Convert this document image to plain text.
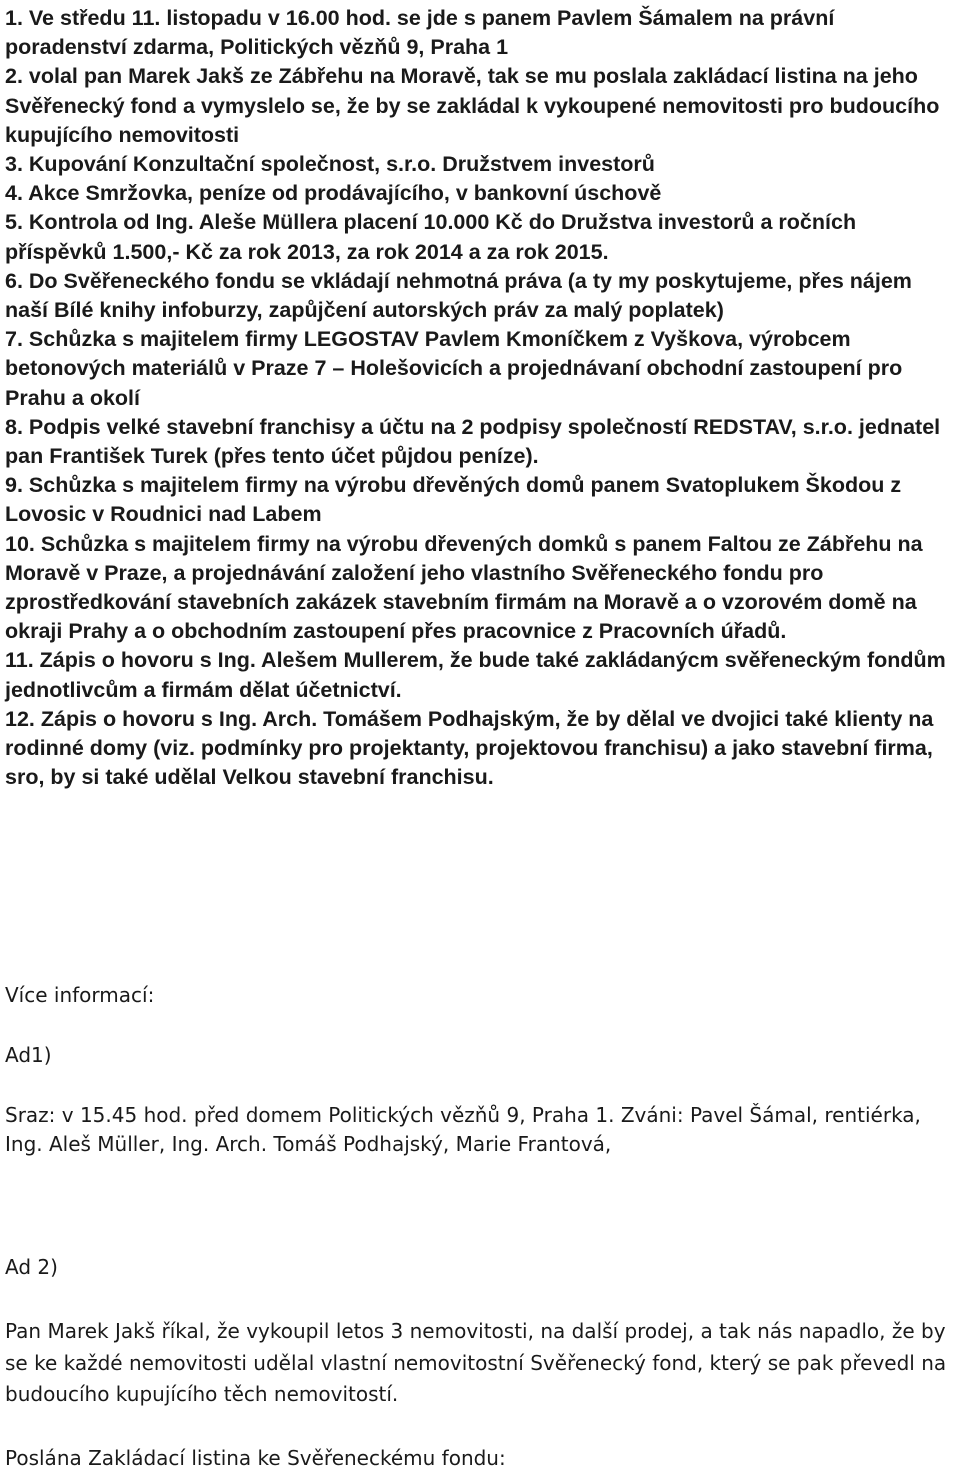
1. Ve středu 11. listopadu v 16.00 hod. se jde s panem Pavlem Šámalem na právní poradenství zdarma, Politických vězňů 9, Praha 1

2. volal pan Marek Jakš ze Zábřehu na Moravě, tak se mu poslala zakládací listina na jeho Svěřenecký fond a vymyslelo se, že by se zakládal k vykoupené nemovitosti pro budoucího kupujícího nemovitosti

3. Kupování Konzultační společnost, s.r.o. Družstvem investorů

4. Akce Smržovka, peníze od prodávajícího, v bankovní úschově

5. Kontrola od Ing. Aleše Müllera placení 10.000 Kč do Družstva investorů a ročních příspěvků 1.500,- Kč za rok 2013, za rok 2014 a za rok 2015.

6. Do Svěřeneckého fondu se vkládají nehmotná práva (a ty my poskytujeme, přes nájem naší Bílé knihy infoburzy, zapůjčení autorských práv za malý poplatek)

7. Schůzka s majitelem firmy LEGOSTAV Pavlem Kmoníčkem z Vyškova, výrobcem betonových materiálů v Praze 7 – Holešovicích a projednávaní obchodní zastoupení pro Prahu a okolí

8. Podpis velké stavební franchisy a účtu na 2 podpisy společností REDSTAV, s.r.o. jednatel pan František Turek (přes tento účet půjdou peníze).

9. Schůzka s majitelem firmy na výrobu dřevěných domů panem Svatoplukem Škodou z Lovosic v Roudnici nad Labem

10. Schůzka s majitelem firmy na výrobu dřevených domků s panem Faltou ze Zábřehu na Moravě v Praze, a projednávání založení jeho vlastního Svěřeneckého fondu pro zprostředkování stavebních zakázek stavebním firmám na Moravě a o vzorovém domě na okraji Prahy a o obchodním zastoupení přes pracovnice z Pracovních úřadů.

11. Zápis o hovoru s Ing. Alešem Mullerem, že bude také zakládanýcm svěřeneckým fondům jednotlivcům a firmám dělat účetnictví.

12. Zápis o hovoru s Ing. Arch. Tomášem Podhajským, že by dělal ve dvojici také klienty na rodinné domy (viz. podmínky pro projektanty, projektovou franchisu) a jako stavební firma, sro, by si také udělal Velkou stavební franchisu.

Více informací:

Ad1)

Sraz: v 15.45 hod. před domem Politických vězňů 9, Praha 1. Zváni: Pavel Šámal, rentiérka, Ing. Aleš Müller, Ing. Arch. Tomáš Podhajský, Marie Frantová,

Ad 2)

Pan Marek Jakš říkal, že vykoupil letos 3 nemovitosti, na další prodej, a tak nás napadlo, že by se ke každé nemovitosti udělal vlastní nemovitostní Svěřenecký fond, který se pak převedl na budoucího kupujícího těch nemovitostí.

Poslána Zakládací listina ke Svěřeneckému fondu:
